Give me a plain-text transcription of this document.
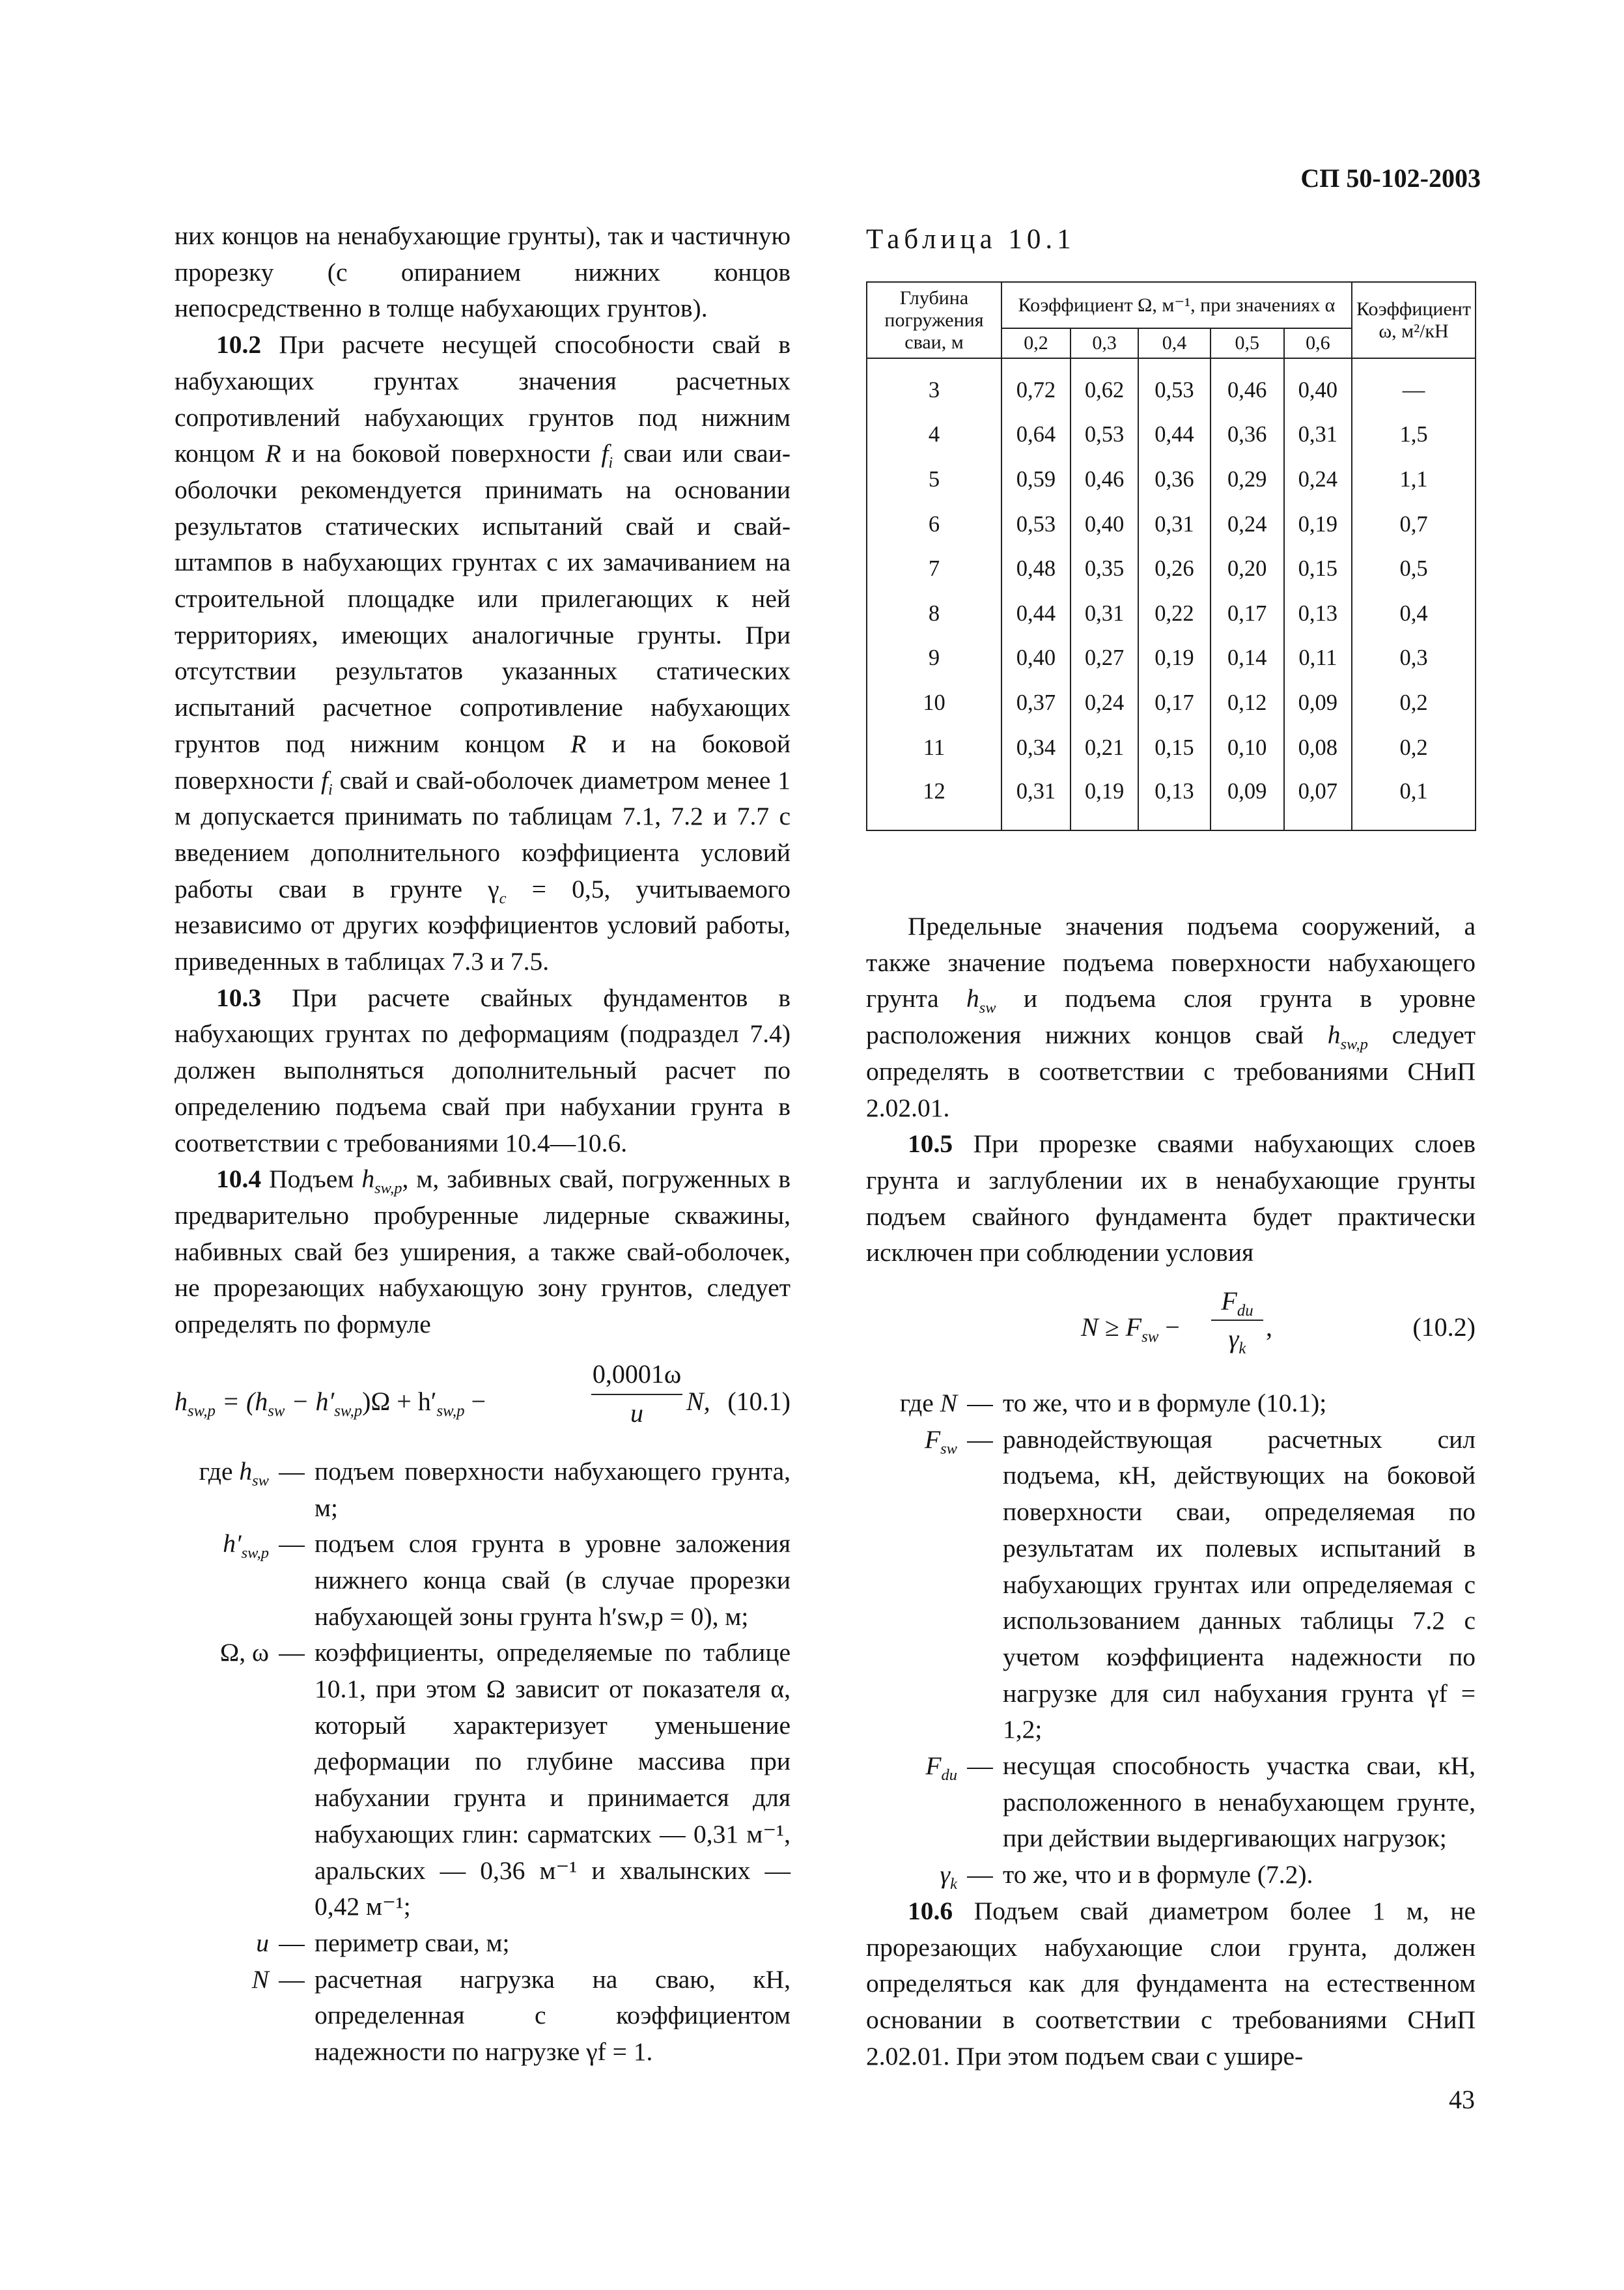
СП 50-102-2003

них концов на ненабухающие грунты), так и частичную прорезку (с опиранием нижних концов непосредственно в толще набухающих грунтов).

10.2 При расчете несущей способности свай в набухающих грунтах значения расчетных сопротивлений набухающих грунтов под нижним концом R и на боковой поверхности $f_i$ сваи или сваи-оболочки рекомендуется принимать на основании результатов статических испытаний свай и свай-штампов в набухающих грунтах с их замачиванием на строительной площадке или прилегающих к ней территориях, имеющих аналогичные грунты. При отсутствии результатов указанных статических испытаний расчетное сопротивление набухающих грунтов под нижним концом R и на боковой поверхности $f_i$ свай и свай-оболочек диаметром менее 1 м допускается принимать по таблицам 7.1, 7.2 и 7.7 с введением дополнительного коэффициента условий работы сваи в грунте $\gamma_c = 0,5$, учитываемого независимо от других коэффициентов условий работы, приведенных в таблицах 7.3 и 7.5.

10.3 При расчете свайных фундаментов в набухающих грунтах по деформациям (подраздел 7.4) должен выполняться дополнительный расчет по определению подъема свай при набухании грунта в соответствии с требованиями 10.4—10.6.

10.4 Подъем $h_{sw,p}$, м, забивных свай, погруженных в предварительно пробуренные лидерные скважины, набивных свай без уширения, а также свай-оболочек, не прорезающих набухающую зону грунтов, следует определять по формуле

$h_{sw,p} = (h_{sw} - h'_{sw,p})\Omega + h'_{sw,p}$ −	$\frac{0,0001\omega}{u} N$, (10.1)
где $h_{sw}$ — подъем поверхности набухающего грунта, м;
$h'_{sw,p}$ — подъем слоя грунта в уровне заложения нижнего конца свай (в случае прорезки набухающей зоны грунта h′sw,p = 0), м;
Ω, ω — коэффициенты, определяемые по таблице 10.1, при этом Ω зависит от показателя α, который характеризует уменьшение деформации по глубине массива при набухании грунта и принимается для набухающих глин: сарматских — 0,31 м⁻¹, аральских — 0,36 м⁻¹ и хвалынских — 0,42 м⁻¹;
u — периметр сваи, м;
N — расчетная нагрузка на сваю, кН, определенная с коэффициентом надежности по нагрузке γf = 1.
Таблица 10.1
Глубина погружения сваи, м	Коэффициент Ω, м⁻¹, при значениях α					Коэффициент ω, м²/кН
	0,2	0,3	0,4	0,5	0,6	
3	0,72	0,62	0,53	0,46	0,40	—
4	0,64	0,53	0,44	0,36	0,31	1,5
5	0,59	0,46	0,36	0,29	0,24	1,1
6	0,53	0,40	0,31	0,24	0,19	0,7
7	0,48	0,35	0,26	0,20	0,15	0,5
8	0,44	0,31	0,22	0,17	0,13	0,4
9	0,40	0,27	0,19	0,14	0,11	0,3
10	0,37	0,24	0,17	0,12	0,09	0,2
11	0,34	0,21	0,15	0,10	0,08	0,2
12	0,31	0,19	0,13	0,09	0,07	0,1

Предельные значения подъема сооружений, а также значение подъема поверхности набухающего грунта $h_{sw}$ и подъема слоя грунта в уровне расположения нижних концов свай $h_{sw,p}$ следует определять в соответствии с требованиями СНиП 2.02.01.

10.5 При прорезке сваями набухающих слоев грунта и заглублении их в ненабухающие грунты подъем свайного фундамента будет практически исключен при соблюдении условия

$N \ge F_{sw}$ −
$F_{du}$
$\gamma_k$
,	(10.2)
где N — то же, что и в формуле (10.1);
$F_{sw}$ — равнодействующая расчетных сил подъема, кН, действующих на боковой поверхности сваи, определяемая по результатам их полевых испытаний в набухающих грунтах или определяемая с использованием данных таблицы 7.2 с учетом коэффициента надежности по нагрузке для сил набухания грунта γf = 1,2;
$F_{du}$ — несущая способность участка сваи, кН, расположенного в ненабухающем грунте, при действии выдергивающих нагрузок;
$\gamma_k$ — то же, что и в формуле (7.2).

10.6 Подъем свай диаметром более 1 м, не прорезающих набухающие слои грунта, должен определяться как для фундамента на естественном основании в соответствии с требованиями СНиП 2.02.01. При этом подъем сваи с уширe-

43
